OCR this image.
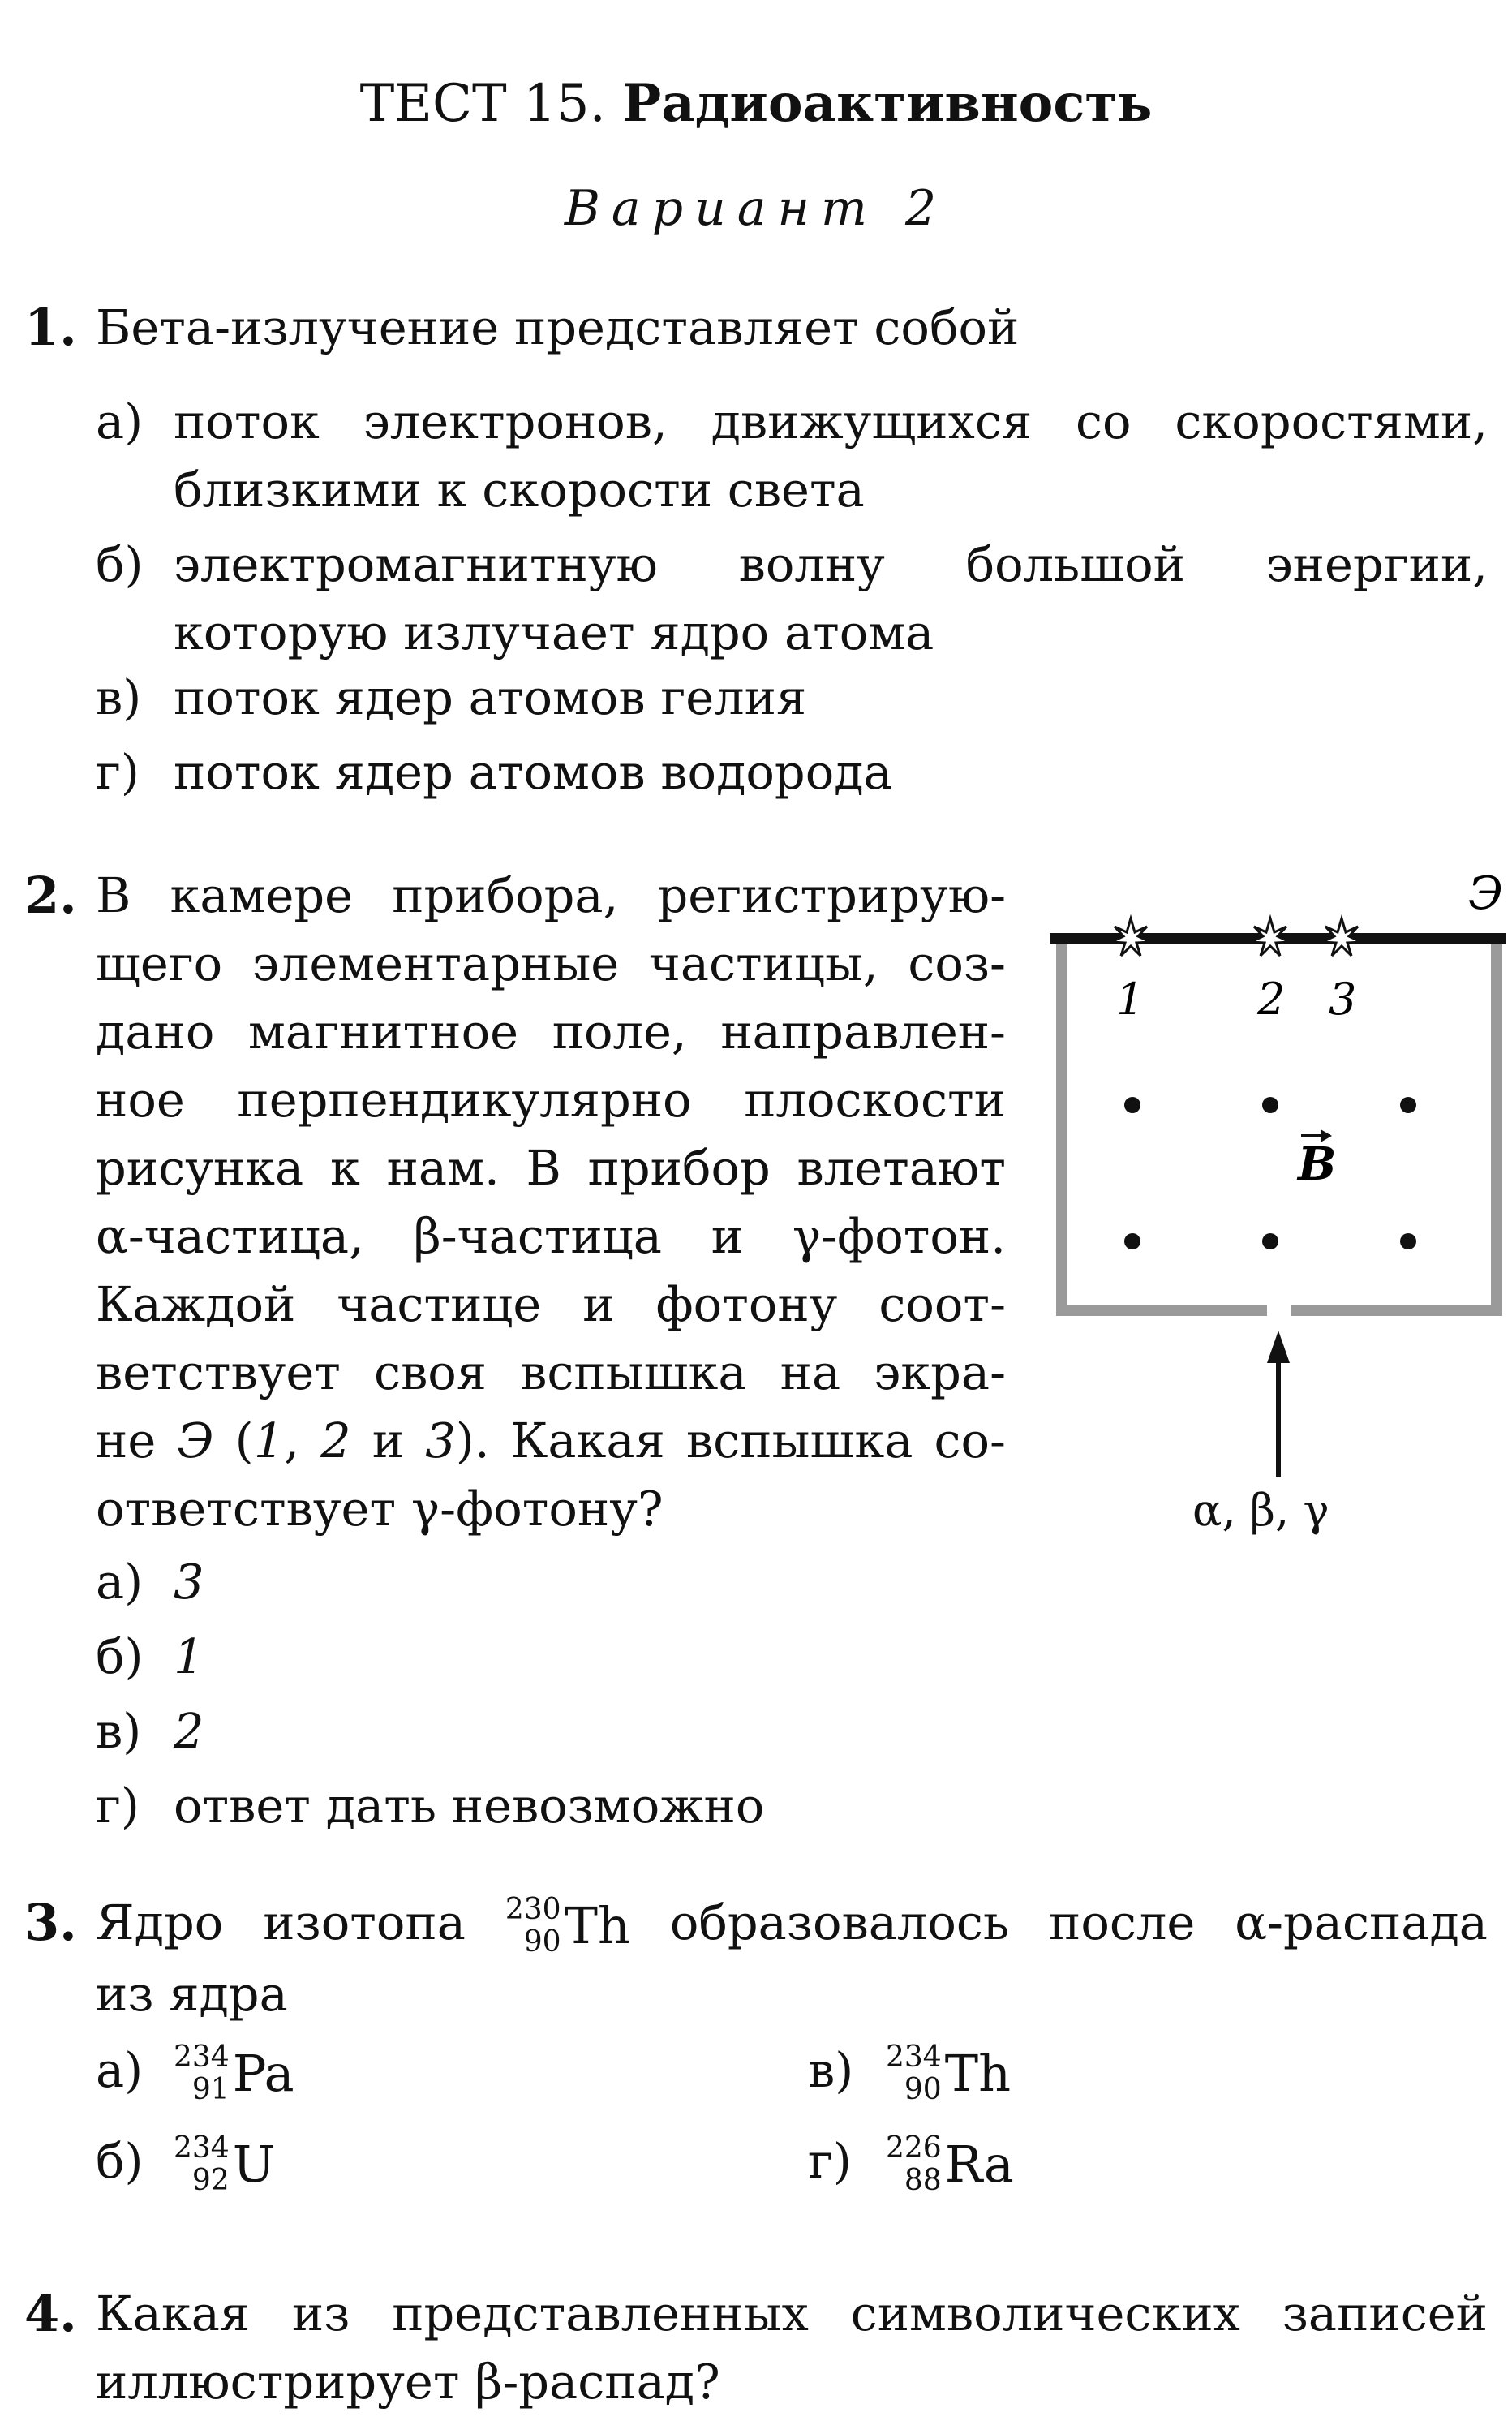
ТЕСТ 15. Радиоактивность
Вариант 2
1. Бета-излучение представляет собой
а) поток электронов, движущихся со скоростями, близкими к скорости света
б) электромагнитную волну большой энергии, которую излучает ядро атома
в) поток ядер атомов гелия
г) поток ядер атомов водорода
2. В камере прибора, регистрирую-
щего элементарные частицы, соз-
дано магнитное поле, направлен-
ное перпендикулярно плоскости
рисунка к нам. В прибор влетают
α-частица, β-частица и γ-фотон.
Каждой частице и фотону соот-
ветствует своя вспышка на экра-
не Э (1, 2 и 3). Какая вспышка со-
ответствует γ-фотону?
Э
1	2 3
B
α, β, γ
а) 3
б) 1
в) 2
г) ответ дать невозможно
3. Ядро изотопа 230
90 Th образовалось после α-распада
из ядра
а) 234
91 Pa
б) 234
92 U
в) 234
90 Th
г) 226
88 Ra
4. Какая из представленных символических записей
иллюстрирует β-распад?
